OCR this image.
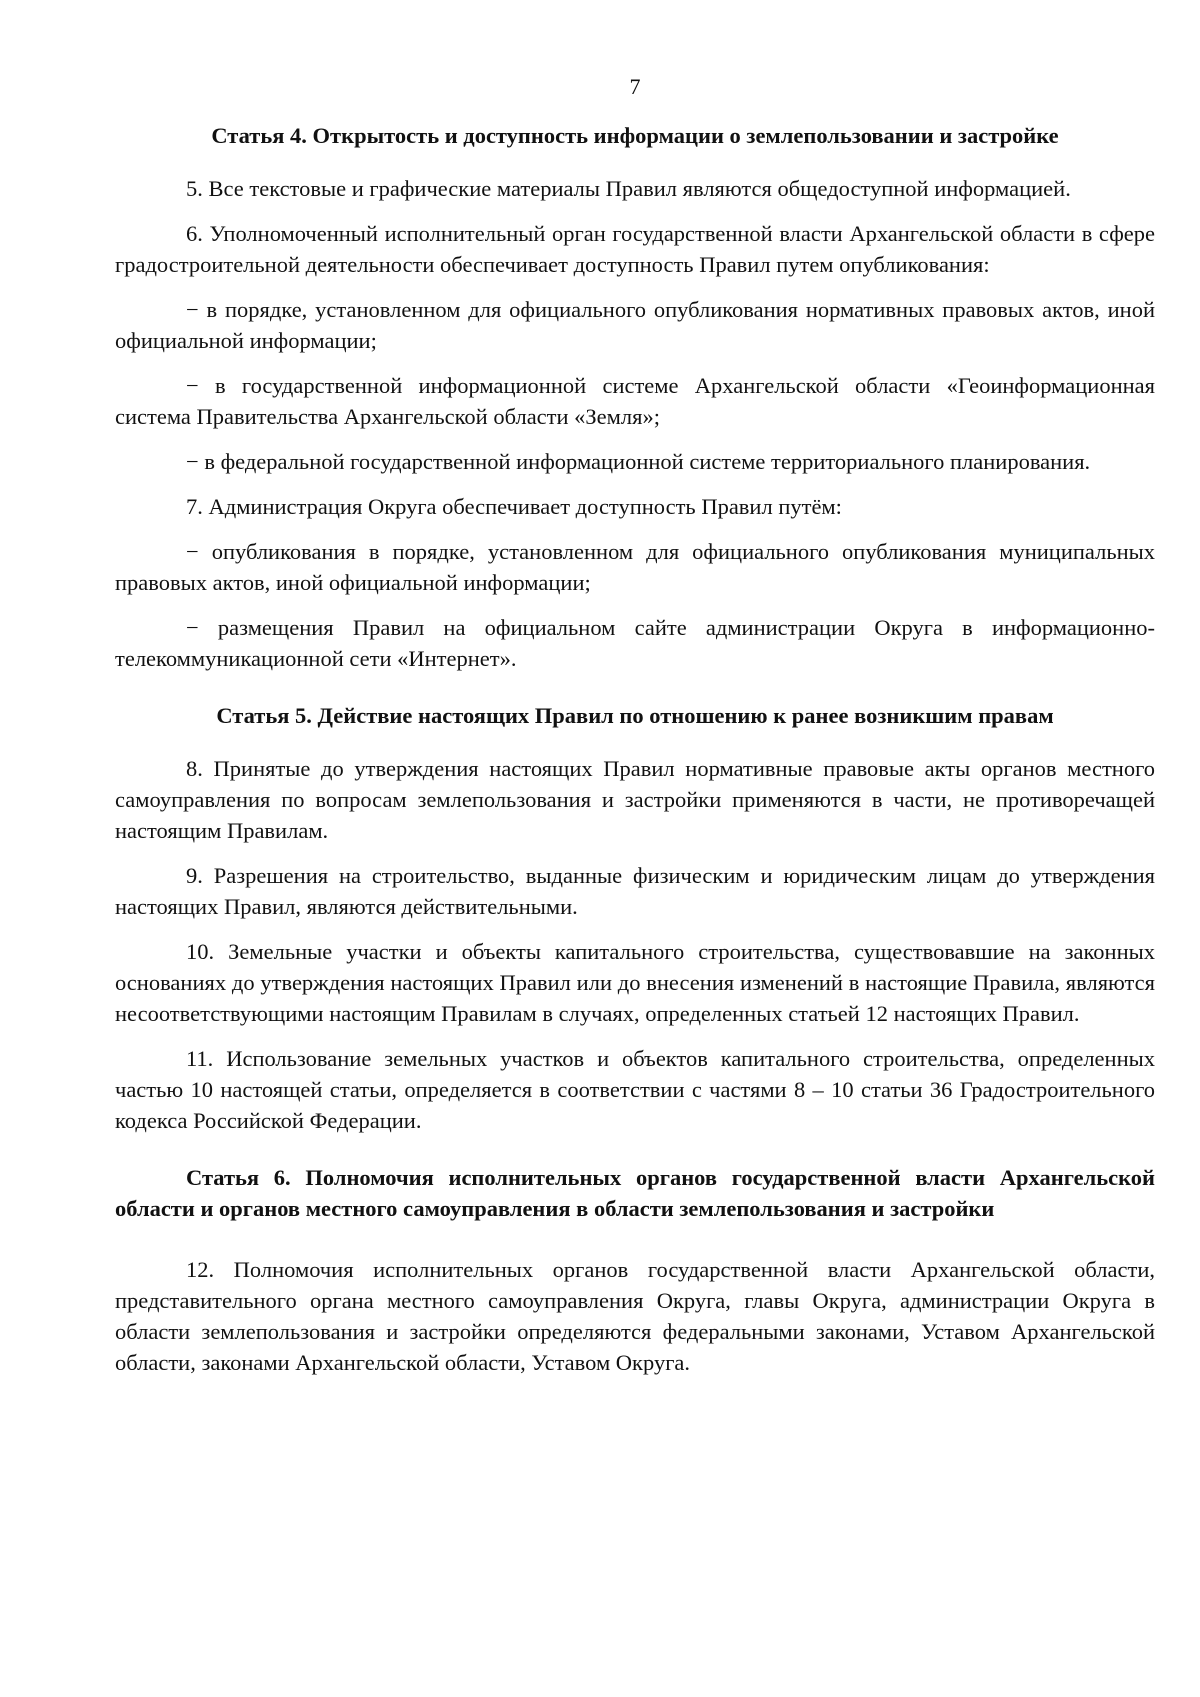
7
Статья 4. Открытость и доступность информации о землепользовании и застройке

5. Все текстовые и графические материалы Правил являются общедоступной информацией.

6. Уполномоченный исполнительный орган государственной власти Архангельской области в сфере градостроительной деятельности обеспечивает доступность Правил путем опубликования:

− в порядке, установленном для официального опубликования нормативных правовых актов, иной официальной информации;

− в государственной информационной системе Архангельской области «Геоинформационная система Правительства Архангельской области «Земля»;

− в федеральной государственной информационной системе территориального планирования.

7. Администрация Округа обеспечивает доступность Правил путём:

− опубликования в порядке, установленном для официального опубликования муниципальных правовых актов, иной официальной информации;

− размещения Правил на официальном сайте администрации Округа в информационно-телекоммуникационной сети «Интернет».

Статья 5. Действие настоящих Правил по отношению к ранее возникшим правам

8. Принятые до утверждения настоящих Правил нормативные правовые акты органов местного самоуправления по вопросам землепользования и застройки применяются в части, не противоречащей настоящим Правилам.

9. Разрешения на строительство, выданные физическим и юридическим лицам до утверждения настоящих Правил, являются действительными.

10. Земельные участки и объекты капитального строительства, существовавшие на законных основаниях до утверждения настоящих Правил или до внесения изменений в настоящие Правила, являются несоответствующими настоящим Правилам в случаях, определенных статьей 12 настоящих Правил.

11. Использование земельных участков и объектов капитального строительства, определенных частью 10 настоящей статьи, определяется в соответствии с частями 8 – 10 статьи 36 Градостроительного кодекса Российской Федерации.

Статья 6. Полномочия исполнительных органов государственной власти Архангельской области и органов местного самоуправления в области землепользования и застройки

12. Полномочия исполнительных органов государственной власти Архангельской области, представительного органа местного самоуправления Округа, главы Округа, администрации Округа в области землепользования и застройки определяются федеральными законами, Уставом Архангельской области, законами Архангельской области, Уставом Округа.
